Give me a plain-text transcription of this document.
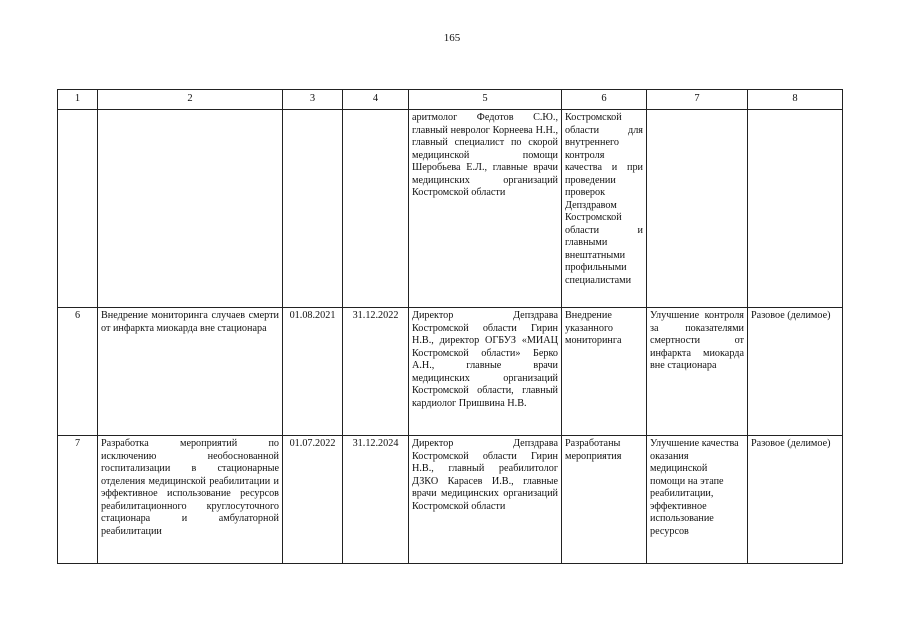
165
1	2	3	4	5	6	7	8
				аритмолог Федотов С.Ю., главный невролог Корнеева Н.Н., главный специалист по скорой медицинской помощи Шеробьева Е.Л., главные врачи медицинских организаций Костромской области	Костромской области для внутреннего контроля качества и при проведении проверок Депздравом Костромской области и главными внештатными профильными специалистами		
6	Внедрение мониторинга случаев смерти от инфаркта миокарда вне стационара	01.08.2021	31.12.2022	Директор Депздрава Костромской области Гирин Н.В., директор ОГБУЗ «МИАЦ Костромской области» Берко А.Н., главные врачи медицинских организаций Костромской области, главный кардиолог Пришвина Н.В.	Внедрение указанного мониторинга	Улучшение контроля за показателями смертности от инфаркта миокарда вне стационара	Разовое (делимое)
7	Разработка мероприятий по исключению необоснованной госпитализации в стационарные отделения медицинской реабилитации и эффективное использование ресурсов реабилитационного круглосуточного стационара и амбулаторной реабилитации	01.07.2022	31.12.2024	Директор Депздрава Костромской области Гирин Н.В., главный реабилитолог ДЗКО Карасев И.В., главные врачи медицинских организаций Костромской области	Разработаны мероприятия	Улучшение качества оказания медицинской помощи на этапе реабилитации, эффективное использование ресурсов	Разовое (делимое)
